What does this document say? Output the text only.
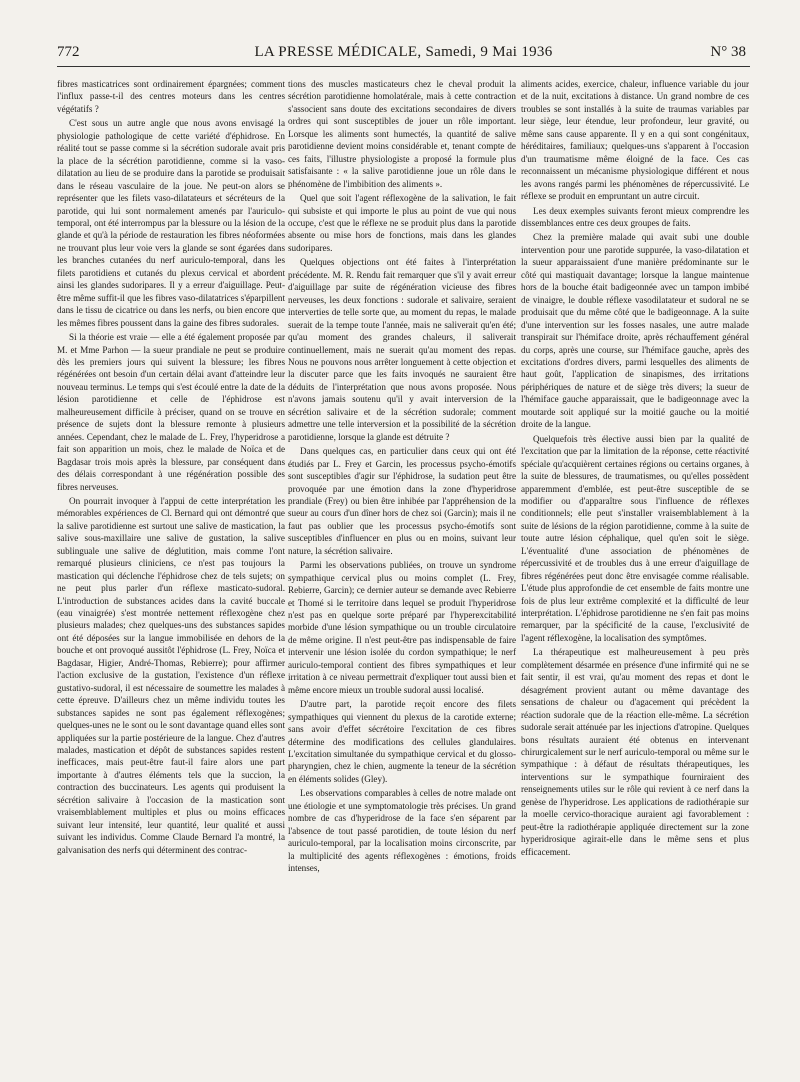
772	LA PRESSE MÉDICALE, Samedi, 9 Mai 1936	N° 38

fibres masticatrices sont ordinairement épargnées; comment l'influx passe-t-il des centres moteurs dans les centres végétatifs ?

C'est sous un autre angle que nous avons envisagé la physiologie pathologique de cette variété d'éphidrose. En réalité tout se passe comme si la sécrétion sudorale avait pris la place de la sécrétion parotidienne, comme si la vaso-dilatation au lieu de se produire dans la parotide se produisait dans le réseau vasculaire de la joue. Ne peut-on alors se représenter que les filets vaso-dilatateurs et sécréteurs de la parotide, qui lui sont normalement amenés par l'auriculo-temporal, ont été interrompus par la blessure ou la lésion de la glande et qu'à la période de restauration les fibres néoformées ne trouvant plus leur voie vers la glande se sont égarées dans les branches cutanées du nerf auriculo-temporal, dans les filets parotidiens et cutanés du plexus cervical et abordent ainsi les glandes sudoripares. Il y a erreur d'aiguillage. Peut-être même suffit-il que les fibres vaso-dilatatrices s'éparpillent dans le tissu de cicatrice ou dans les nerfs, ou bien encore que les mêmes fibres poussent dans la gaine des fibres sudorales.

Si la théorie est vraie — elle a été également proposée par M. et Mme Parhon — la sueur prandiale ne peut se produire dès les premiers jours qui suivent la blessure; les fibres régénérées ont besoin d'un certain délai avant d'atteindre leur nouveau terminus. Le temps qui s'est écoulé entre la date de la lésion parotidienne et celle de l'éphidrose est malheureusement difficile à préciser, quand on se trouve en présence de sujets dont la blessure remonte à plusieurs années. Cependant, chez le malade de L. Frey, l'hyperidrose a fait son apparition un mois, chez le malade de Noïca et de Bagdasar trois mois après la blessure, par conséquent dans des délais correspondant à une régénération possible des fibres nerveuses.

On pourrait invoquer à l'appui de cette interprétation les mémorables expériences de Cl. Bernard qui ont démontré que la salive parotidienne est surtout une salive de mastication, la salive sous-maxillaire une salive de gustation, la salive sublinguale une salive de déglutition, mais comme l'ont remarqué plusieurs cliniciens, ce n'est pas toujours la mastication qui déclenche l'éphidrose chez de tels sujets; on ne peut plus parler d'un réflexe masticato-sudoral. L'introduction de substances acides dans la cavité buccale (eau vinaigrée) s'est montrée nettement réflexogène chez plusieurs malades; chez quelques-uns des substances sapides ont été déposées sur la langue immobilisée en dehors de la bouche et ont provoqué aussitôt l'éphidrose (L. Frey, Noïca et Bagdasar, Higier, André-Thomas, Rebierre); pour affirmer l'action exclusive de la gustation, l'existence d'un réflexe gustativo-sudoral, il est nécessaire de soumettre les malades à cette épreuve. D'ailleurs chez un même individu toutes les substances sapides ne sont pas également réflexogènes; quelques-unes ne le sont ou le sont davantage quand elles sont appliquées sur la partie postérieure de la langue. Chez d'autres malades, mastication et dépôt de substances sapides restent inefficaces, mais peut-être faut-il faire alors une part importante à d'autres éléments tels que la succion, la contraction des buccinateurs. Les agents qui produisent la sécrétion salivaire à l'occasion de la mastication sont vraisemblablement multiples et plus ou moins efficaces suivant leur intensité, leur quantité, leur qualité et aussi suivant les individus. Comme Claude Bernard l'a montré, la galvanisation des nerfs qui déterminent des contrac-

tions des muscles masticateurs chez le cheval produit la sécrétion parotidienne homolatérale, mais à cette contraction s'associent sans doute des excitations secondaires de divers ordres qui sont susceptibles de jouer un rôle important. Lorsque les aliments sont humectés, la quantité de salive parotidienne devient moins considérable et, tenant compte de ces faits, l'illustre physiologiste a proposé la formule plus satisfaisante : « la salive parotidienne joue un rôle dans le phénomène de l'imbibition des aliments ».

Quel que soit l'agent réflexogène de la salivation, le fait qui subsiste et qui importe le plus au point de vue qui nous occupe, c'est que le réflexe ne se produit plus dans la parotide absente ou mise hors de fonctions, mais dans les glandes sudoripares.

Quelques objections ont été faites à l'interprétation précédente. M. R. Rendu fait remarquer que s'il y avait erreur d'aiguillage par suite de régénération vicieuse des fibres nerveuses, les deux fonctions : sudorale et salivaire, seraient interverties de telle sorte que, au moment du repas, le malade suerait de la tempe toute l'année, mais ne saliverait qu'en été; qu'au moment des grandes chaleurs, il saliverait continuellement, mais ne suerait qu'au moment des repas. Nous ne pouvons nous arrêter longuement à cette objection et la discuter parce que les faits invoqués ne sauraient être déduits de l'interprétation que nous avons proposée. Nous n'avons jamais soutenu qu'il y avait interversion de la sécrétion salivaire et de la sécrétion sudorale; comment admettre une telle interversion et la possibilité de la sécrétion parotidienne, lorsque la glande est détruite ?

Dans quelques cas, en particulier dans ceux qui ont été étudiés par L. Frey et Garcin, les processus psycho-émotifs sont susceptibles d'agir sur l'éphidrose, la sudation peut être provoquée par une émotion dans la zone d'hyperidrose prandiale (Frey) ou bien être inhibée par l'appréhension de la sueur au cours d'un dîner hors de chez soi (Garcin); mais il ne faut pas oublier que les processus psycho-émotifs sont susceptibles d'influencer en plus ou en moins, suivant leur nature, la sécrétion salivaire.

Parmi les observations publiées, on trouve un syndrome sympathique cervical plus ou moins complet (L. Frey, Rebierre, Garcin); ce dernier auteur se demande avec Rebierre et Thomé si le territoire dans lequel se produit l'hyperidrose n'est pas en quelque sorte préparé par l'hyperexcitabilité morbide d'une lésion sympathique ou un trouble circulatoire de même origine. Il n'est peut-être pas indispensable de faire intervenir une lésion isolée du cordon sympathique; le nerf auriculo-temporal contient des fibres sympathiques et leur irritation à ce niveau permettrait d'expliquer tout aussi bien et même encore mieux un trouble sudoral aussi localisé.

D'autre part, la parotide reçoit encore des filets sympathiques qui viennent du plexus de la carotide externe; sans avoir d'effet sécrétoire l'excitation de ces fibres détermine des modifications des cellules glandulaires. L'excitation simultanée du sympathique cervical et du glosso-pharyngien, chez le chien, augmente la teneur de la sécrétion en éléments solides (Gley).

Les observations comparables à celles de notre malade ont une étiologie et une symptomatologie très précises. Un grand nombre de cas d'hyperidrose de la face s'en séparent par l'absence de tout passé parotidien, de toute lésion du nerf auriculo-temporal, par la localisation moins circonscrite, par la multiplicité des agents réflexogènes : émotions, froids intenses,

aliments acides, exercice, chaleur, influence variable du jour et de la nuit, excitations à distance. Un grand nombre de ces troubles se sont installés à la suite de traumas variables par leur siège, leur étendue, leur profondeur, leur gravité, ou même sans cause apparente. Il y en a qui sont congénitaux, héréditaires, familiaux; quelques-uns s'apparent à l'occasion d'un traumatisme même éloigné de la face. Ces cas reconnaissent un mécanisme physiologique différent et nous les avons rangés parmi les phénomènes de répercussivité. Le réflexe se produit en empruntant un autre circuit.

Les deux exemples suivants feront mieux comprendre les dissemblances entre ces deux groupes de faits.

Chez la première malade qui avait subi une double intervention pour une parotide suppurée, la vaso-dilatation et la sueur apparaissaient d'une manière prédominante sur le côté qui mastiquait davantage; lorsque la langue maintenue hors de la bouche était badigeonnée avec un tampon imbibé de vinaigre, le double réflexe vasodilatateur et sudoral ne se produisait que du même côté que le badigeonnage. A la suite d'une intervention sur les fosses nasales, une autre malade transpirait sur l'hémiface droite, après réchauffement général du corps, après une course, sur l'hémiface gauche, après des excitations d'ordres divers, parmi lesquelles des aliments de haut goût, l'application de sinapismes, des irritations périphériques de nature et de siège très divers; la sueur de l'hémiface gauche apparaissait, que le badigeonnage avec la moutarde soit appliqué sur la moitié gauche ou la moitié droite de la langue.

Quelquefois très élective aussi bien par la qualité de l'excitation que par la limitation de la réponse, cette réactivité spéciale qu'acquièrent certaines régions ou certains organes, à la suite de blessures, de traumatismes, ou qu'elles possèdent apparemment d'emblée, est peut-être susceptible de se modifier ou d'apparaître sous l'influence de réflexes conditionnels; elle peut s'installer vraisemblablement à la suite de lésions de la région parotidienne, comme à la suite de toute autre lésion céphalique, quel qu'en soit le siège. L'éventualité d'une association de phénomènes de répercussivité et de troubles dus à une erreur d'aiguillage de fibres régénérées peut donc être envisagée comme réalisable. L'étude plus approfondie de cet ensemble de faits montre une fois de plus leur extrême complexité et la difficulté de leur interprétation. L'éphidrose parotidienne ne s'en fait pas moins remarquer, par la spécificité de la cause, l'exclusivité de l'agent réflexogène, la localisation des symptômes.

La thérapeutique est malheureusement à peu près complètement désarmée en présence d'une infirmité qui ne se fait sentir, il est vrai, qu'au moment des repas et dont le désagrément provient autant ou même davantage des sensations de chaleur ou d'agacement qui précèdent la réaction sudorale que de la réaction elle-même. La sécrétion sudorale serait atténuée par les injections d'atropine. Quelques bons résultats auraient été obtenus en intervenant chirurgicalement sur le nerf auriculo-temporal ou même sur le sympathique : à défaut de résultats thérapeutiques, les interventions sur le sympathique fourniraient des renseignements utiles sur le rôle qui revient à ce nerf dans la genèse de l'hyperidrose. Les applications de radiothérapie sur la moelle cervico-thoracique auraient agi favorablement : peut-être la radiothérapie appliquée directement sur la zone hyperidrosique agirait-elle dans le même sens et plus efficacement.
